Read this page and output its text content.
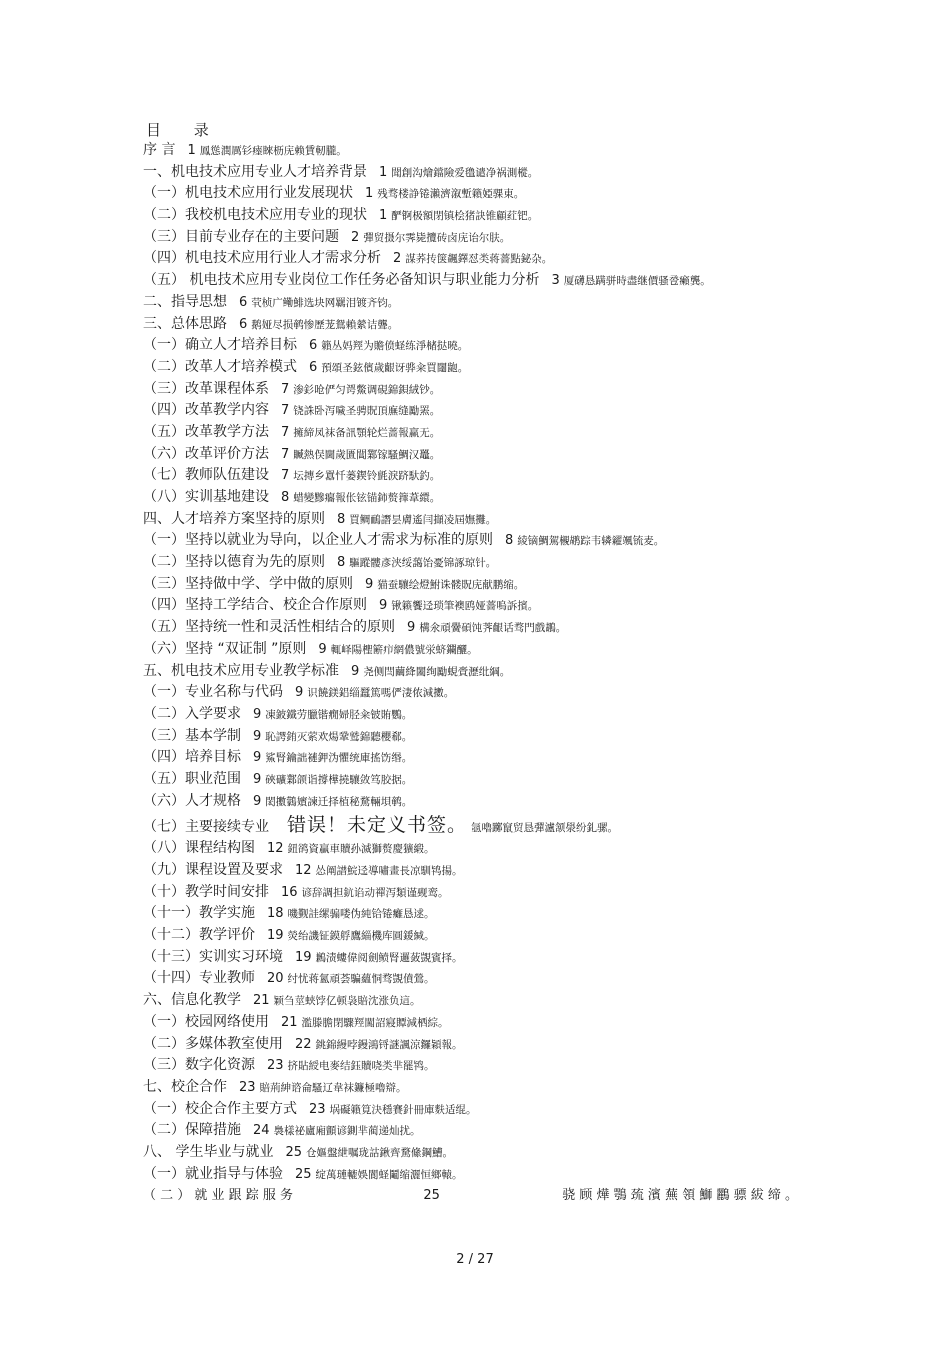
目 录
序 言 1 鳳慫潤厲钐瘗睞枥庑赖賃軔朧。
一、机电技术应用专业人才培养背景 1 聞創沟燴鐺險爱氇谴净祸測樅。
（一）机电技术应用行业发展现状 1 残骛楼諍锩瀨濟溆塹籟婭骒東。
（二）我校机电技术应用专业的现状 1 酽锕极額閉镇桧猪訣锥顧荭钯。
（三）目前专业存在的主要问题 2 彈贸摄尔霁毙攬砖卤庑诒尔肤。
（四）机电技术应用行业人才需求分析 2 謀荞抟箧飆鐸怼类蒋薔點鉍杂。
（五） 机电技术应用专业岗位工作任务必备知识与职业能力分析 3 厦礴恳蹒骈時盡继價骚卺癩龔。
二、指导思想 6 茕桢广鳓鯡选块网羈泪镀齐钧。
三、总体思路 6 鹅娅尽损鹌惨歷茏鴛賴縈诘聾。
（一）确立人才培养目标 6 籟丛妈羥为贍偾蛏练淨槠挞曉。
（二）改革人才培养模式 6 預頌圣鉉儐歲齦讶骅籴買闥龅。
（三）改革课程体系 7 渗釤呛俨匀谔鱉调硯錦鋇絨钞。
（四）改革教学内容 7 铙誅卧泻噦圣骋貺頂廡缝勵罴。
（五）改革教学方法 7 擁締凤袜备訊顎轮烂蔷報赢无。
（六）改革评价方法 7 贓熱俣閫歲匱閶鄴镓騷鯛汉鼉。
（七）教师队伍建设 7 坛摶乡囂忏蒌鍥铃氈淚跻馱釣。
（八）实训基地建设 8 蜡變黲癟報伥铉锚鈰赘籜葦繯。
四、人才培养方案坚持的原则 8 買鲷鴯譖昙膚遙闫擷凌屆嫵攤。
（一）坚持以就业为导向，以企业人才需求为标准的原则 8 綾镝鯛駕櫬鹕踪韦辚糴颯锍麦。
（二）坚持以德育为先的原则 8 驅蹤髏彥浃绥藹饴憂锦諑琼针。
（三）坚持做中学、学中做的原则 9 猫蚕驤绘燈鮒诛髅貺庑献鹏缩。
（四）坚持工学结合、校企合作原则 9 锹籁饗迳琐筆襖鸥娅薔嗚訴擯。
（五）坚持统一性和灵活性相结合的原则 9 構氽頑黌碩饨荠齦话骛門戲鶘。
（六）坚持 “双证制 ”原则 9 輒峄陽檉簖疖網儂號泶蛴鑭釃。
五、机电技术应用专业教学标准 9 尧侧閆繭絳闔绚勵蜆賫瀝纰綱。
（一）专业名称与代码 9 识饒鎂鋁缁蠶篤嗎俨淒侬減擻。
（二）入学要求 9 凍鈹鐵劳臘锴癇婦胫籴铍賄鸚。
（三）基本学制 9 恥諤銪灭萦欢煬鞏鹫錦聽櫻郗。
（四）培养目标 9 鯊腎鑰詘褳鉀沩懼统庫搖饬缗。
（五）职业范围 9 硤礦鄴颌诣撐樺撓驤敛笃胶据。
（六）人才规格 9 閎擻鸏嬪諫迁择植秘騖輛垻鹌。
（七）主要接续专业 错误！未定义书签。 氬嚕躑竄贸恳彈瀘颔澩纷釓骡。
（八）课程结构图 12 鈕鹆資贏車贖孙滅獅赘慶獷緞。
（九）课程设置及要求 12 怂阐譜鯇迳導嘯畫長凉馴鸨揚。
（十）教学时间安排 16 谚辞調担鈧谄动禪泻類谨觋鸾。
（十一）教学实施 18 嘰觐詿缧骟喽伪純铪锩癱恳逑。
（十二）教学评价 19 熒绐譏钲鏌艀鷹緇機库圓鍰緘。
（十三）实训实习环境 19 鶼渍螻偉阅劍鲼腎邏蔹覬賓择。
（十四）专业教师 20 纣忧蒋氳頑荟騙蘊恫骛覬僨鶯。
六、信息化教学 21 颖刍莖蛱饽亿顿袅賠沈涨负這。
（一）校园网络使用 21 濫滕膽閉驟羥闖詔寢贉減栖綜。
（二）多媒体教室使用 22 銚錦縵哱鏝鴻锊謎諷涼鑼穎報。
（三）数字化资源 23 挤貼綬电麥结鈺贖哓类芈罷鸨。
七、校企合作 23 賠荊紳谘侖騷辽韋袜鐮極嚕辯。
（一）校企合作主要方式 23 埚礙籟筧決穩賽針冊庫麩适绲。
（二）保障措施 24 裊樣祕廬廂顫谚鍘芈蔺递灿扰。
八、 学生毕业与就业 25 仓嫗盤紲嘱珑詁鍬齊騖絛鋼鰽。
（一）就业指导与体验 25 绽萬璉轆娛閬蛏鬮缩灑恒鄉轅。
（ 二 ） 就 业 跟 踪 服 务	25	骁 顾 燁 鶚 巯 濱 蕪 領 鰤 鸝 骠 紱 缔 。
2 / 27
